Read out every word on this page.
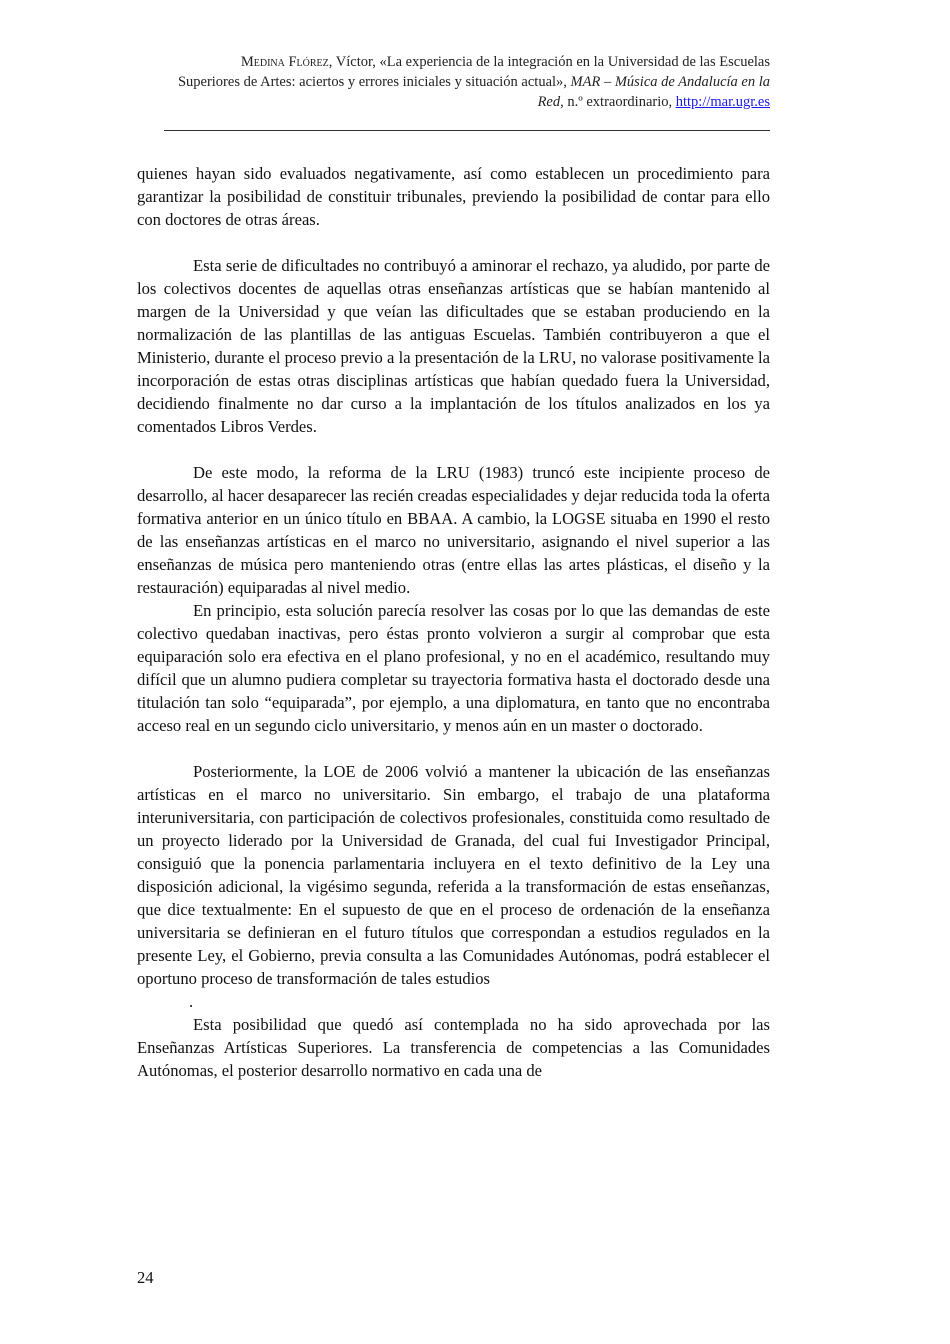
Medina Flórez, Víctor, «La experiencia de la integración en la Universidad de las Escuelas
Superiores de Artes: aciertos y errores iniciales y situación actual», MAR – Música de Andalucía en la
Red, n.º extraordinario, http://mar.ugr.es

quienes hayan sido evaluados negativamente, así como establecen un procedimiento para garantizar la posibilidad de constituir tribunales, previendo la posibilidad de contar para ello con doctores de otras áreas.

Esta serie de dificultades no contribuyó a aminorar el rechazo, ya aludido, por parte de los colectivos docentes de aquellas otras enseñanzas artísticas que se habían mantenido al margen de la Universidad y que veían las dificultades que se estaban produciendo en la normalización de las plantillas de las antiguas Escuelas. También contribuyeron a que el Ministerio, durante el proceso previo a la presentación de la LRU, no valorase positivamente la incorporación de estas otras disciplinas artísticas que habían quedado fuera la Universidad, decidiendo finalmente no dar curso a la implantación de los títulos analizados en los ya comentados Libros Verdes.

De este modo, la reforma de la LRU (1983) truncó este incipiente proceso de desarrollo, al hacer desaparecer las recién creadas especialidades y dejar reducida toda la oferta formativa anterior en un único título en BBAA. A cambio, la LOGSE situaba en 1990 el resto de las enseñanzas artísticas en el marco no universitario, asignando el nivel superior a las enseñanzas de música pero manteniendo otras (entre ellas las artes plásticas, el diseño y la restauración) equiparadas al nivel medio.

En principio, esta solución parecía resolver las cosas por lo que las demandas de este colectivo quedaban inactivas, pero éstas pronto volvieron a surgir al comprobar que esta equiparación solo era efectiva en el plano profesional, y no en el académico, resultando muy difícil que un alumno pudiera completar su trayectoria formativa hasta el doctorado desde una titulación tan solo “equiparada”, por ejemplo, a una diplomatura, en tanto que no encontraba acceso real en un segundo ciclo universitario, y menos aún en un master o doctorado.

Posteriormente, la LOE de 2006 volvió a mantener la ubicación de las enseñanzas artísticas en el marco no universitario. Sin embargo, el trabajo de una plataforma interuniversitaria, con participación de colectivos profesionales, constituida como resultado de un proyecto liderado por la Universidad de Granada, del cual fui Investigador Principal, consiguió que la ponencia parlamentaria incluyera en el texto definitivo de la Ley una disposición adicional, la vigésimo segunda, referida a la transformación de estas enseñanzas, que dice textualmente: En el supuesto de que en el proceso de ordenación de la enseñanza universitaria se definieran en el futuro títulos que correspondan a estudios regulados en la presente Ley, el Gobierno, previa consulta a las Comunidades Autónomas, podrá establecer el oportuno proceso de transformación de tales estudios

.

Esta posibilidad que quedó así contemplada no ha sido aprovechada por las Enseñanzas Artísticas Superiores. La transferencia de competencias a las Comunidades Autónomas, el posterior desarrollo normativo en cada una de

24
